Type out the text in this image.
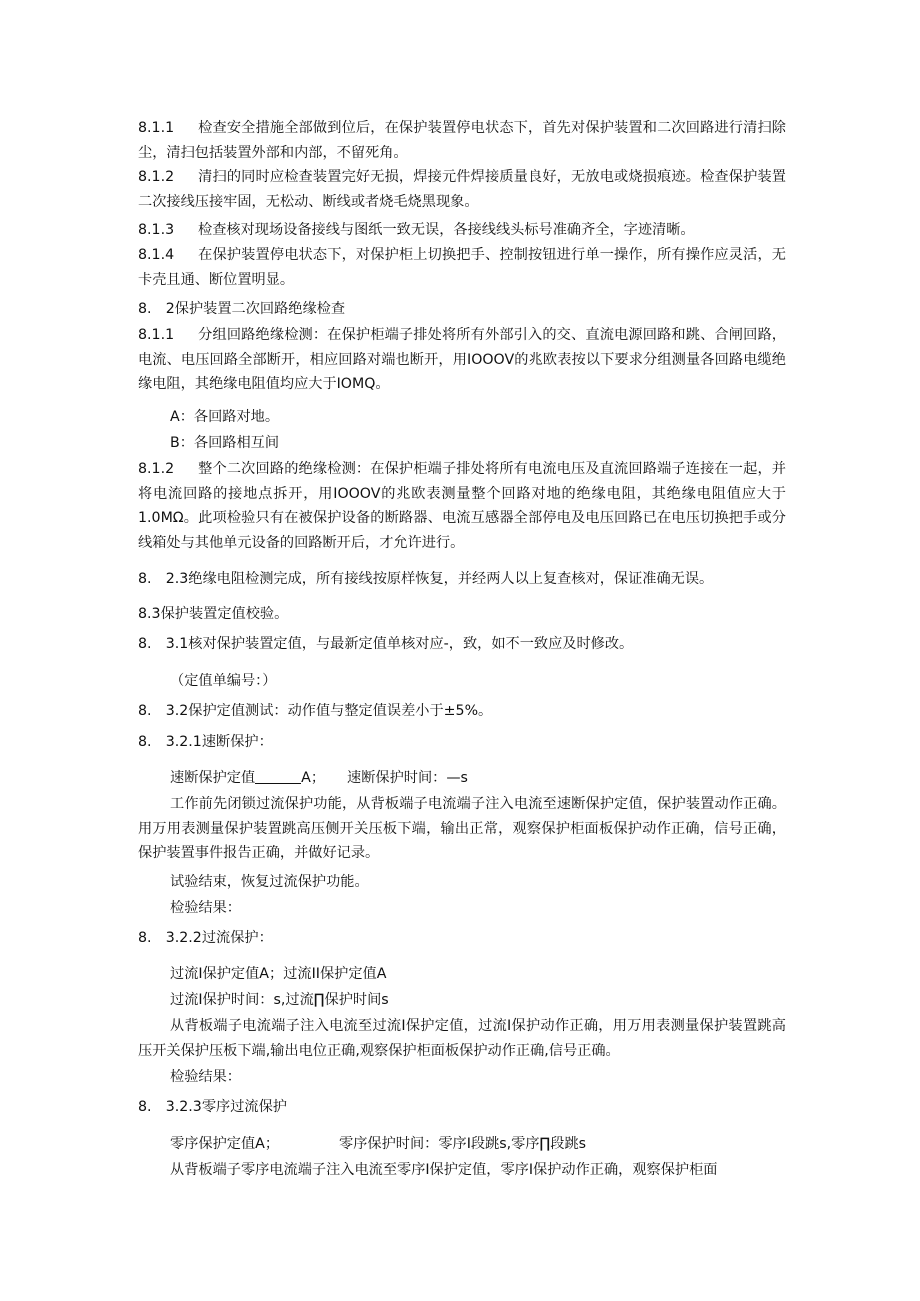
8.1.1 检查安全措施全部做到位后，在保护装置停电状态下，首先对保护装置和二次回路进行清扫除尘，清扫包括装置外部和内部，不留死角。
8.1.2 清扫的同时应检查装置完好无损，焊接元件焊接质量良好，无放电或烧损痕迹。检查保护装置二次接线压接牢固，无松动、断线或者烧毛烧黑现象。
8.1.3 检查核对现场设备接线与图纸一致无误，各接线线头标号准确齐全，字迹清晰。
8.1.4 在保护装置停电状态下，对保护柜上切换把手、控制按钮进行单一操作，所有操作应灵活，无卡壳且通、断位置明显。
8.　2保护装置二次回路绝缘检查
8.1.1 分组回路绝缘检测：在保护柜端子排处将所有外部引入的交、直流电源回路和跳、合闸回路，电流、电压回路全部断开，相应回路对端也断开，用IOOOV的兆欧表按以下要求分组测量各回路电缆绝缘电阻，其绝缘电阻值均应大于IOMQ。
A：各回路对地。
B：各回路相互间
8.1.2 整个二次回路的绝缘检测：在保护柜端子排处将所有电流电压及直流回路端子连接在一起，并将电流回路的接地点拆开，用IOOOV的兆欧表测量整个回路对地的绝缘电阻，其绝缘电阻值应大于1.0MΩ。此项检验只有在被保护设备的断路器、电流互感器全部停电及电压回路已在电压切换把手或分线箱处与其他单元设备的回路断开后，才允许进行。
8.　2.3绝缘电阻检测完成，所有接线按原样恢复，并经两人以上复查核对，保证准确无误。
8.3保护装置定值校验。
8.　3.1核对保护装置定值，与最新定值单核对应-，致，如不一致应及时修改。
（定值单编号：）
8.　3.2保护定值测试：动作值与整定值误差小于±5%。
8.　3.2.1速断保护：
速断保护定值	A； 速断保护时间：—s
工作前先闭锁过流保护功能，从背板端子电流端子注入电流至速断保护定值，保护装置动作正确。用万用表测量保护装置跳高压侧开关压板下端，输出正常，观察保护柜面板保护动作正确，信号正确，保护装置事件报告正确，并做好记录。
试验结束，恢复过流保护功能。
检验结果：
8.　3.2.2过流保护：
过流I保护定值A；过流II保护定值A
过流I保护时间：s,过流∏保护时间s
从背板端子电流端子注入电流至过流I保护定值，过流I保护动作正确，用万用表测量保护装置跳高压开关保护压板下端,输出电位正确,观察保护柜面板保护动作正确,信号正确。
检验结果：
8.　3.2.3零序过流保护
零序保护定值A；	零序保护时间：零序I段跳s,零序∏段跳s
从背板端子零序电流端子注入电流至零序I保护定值，零序I保护动作正确，观察保护柜面
